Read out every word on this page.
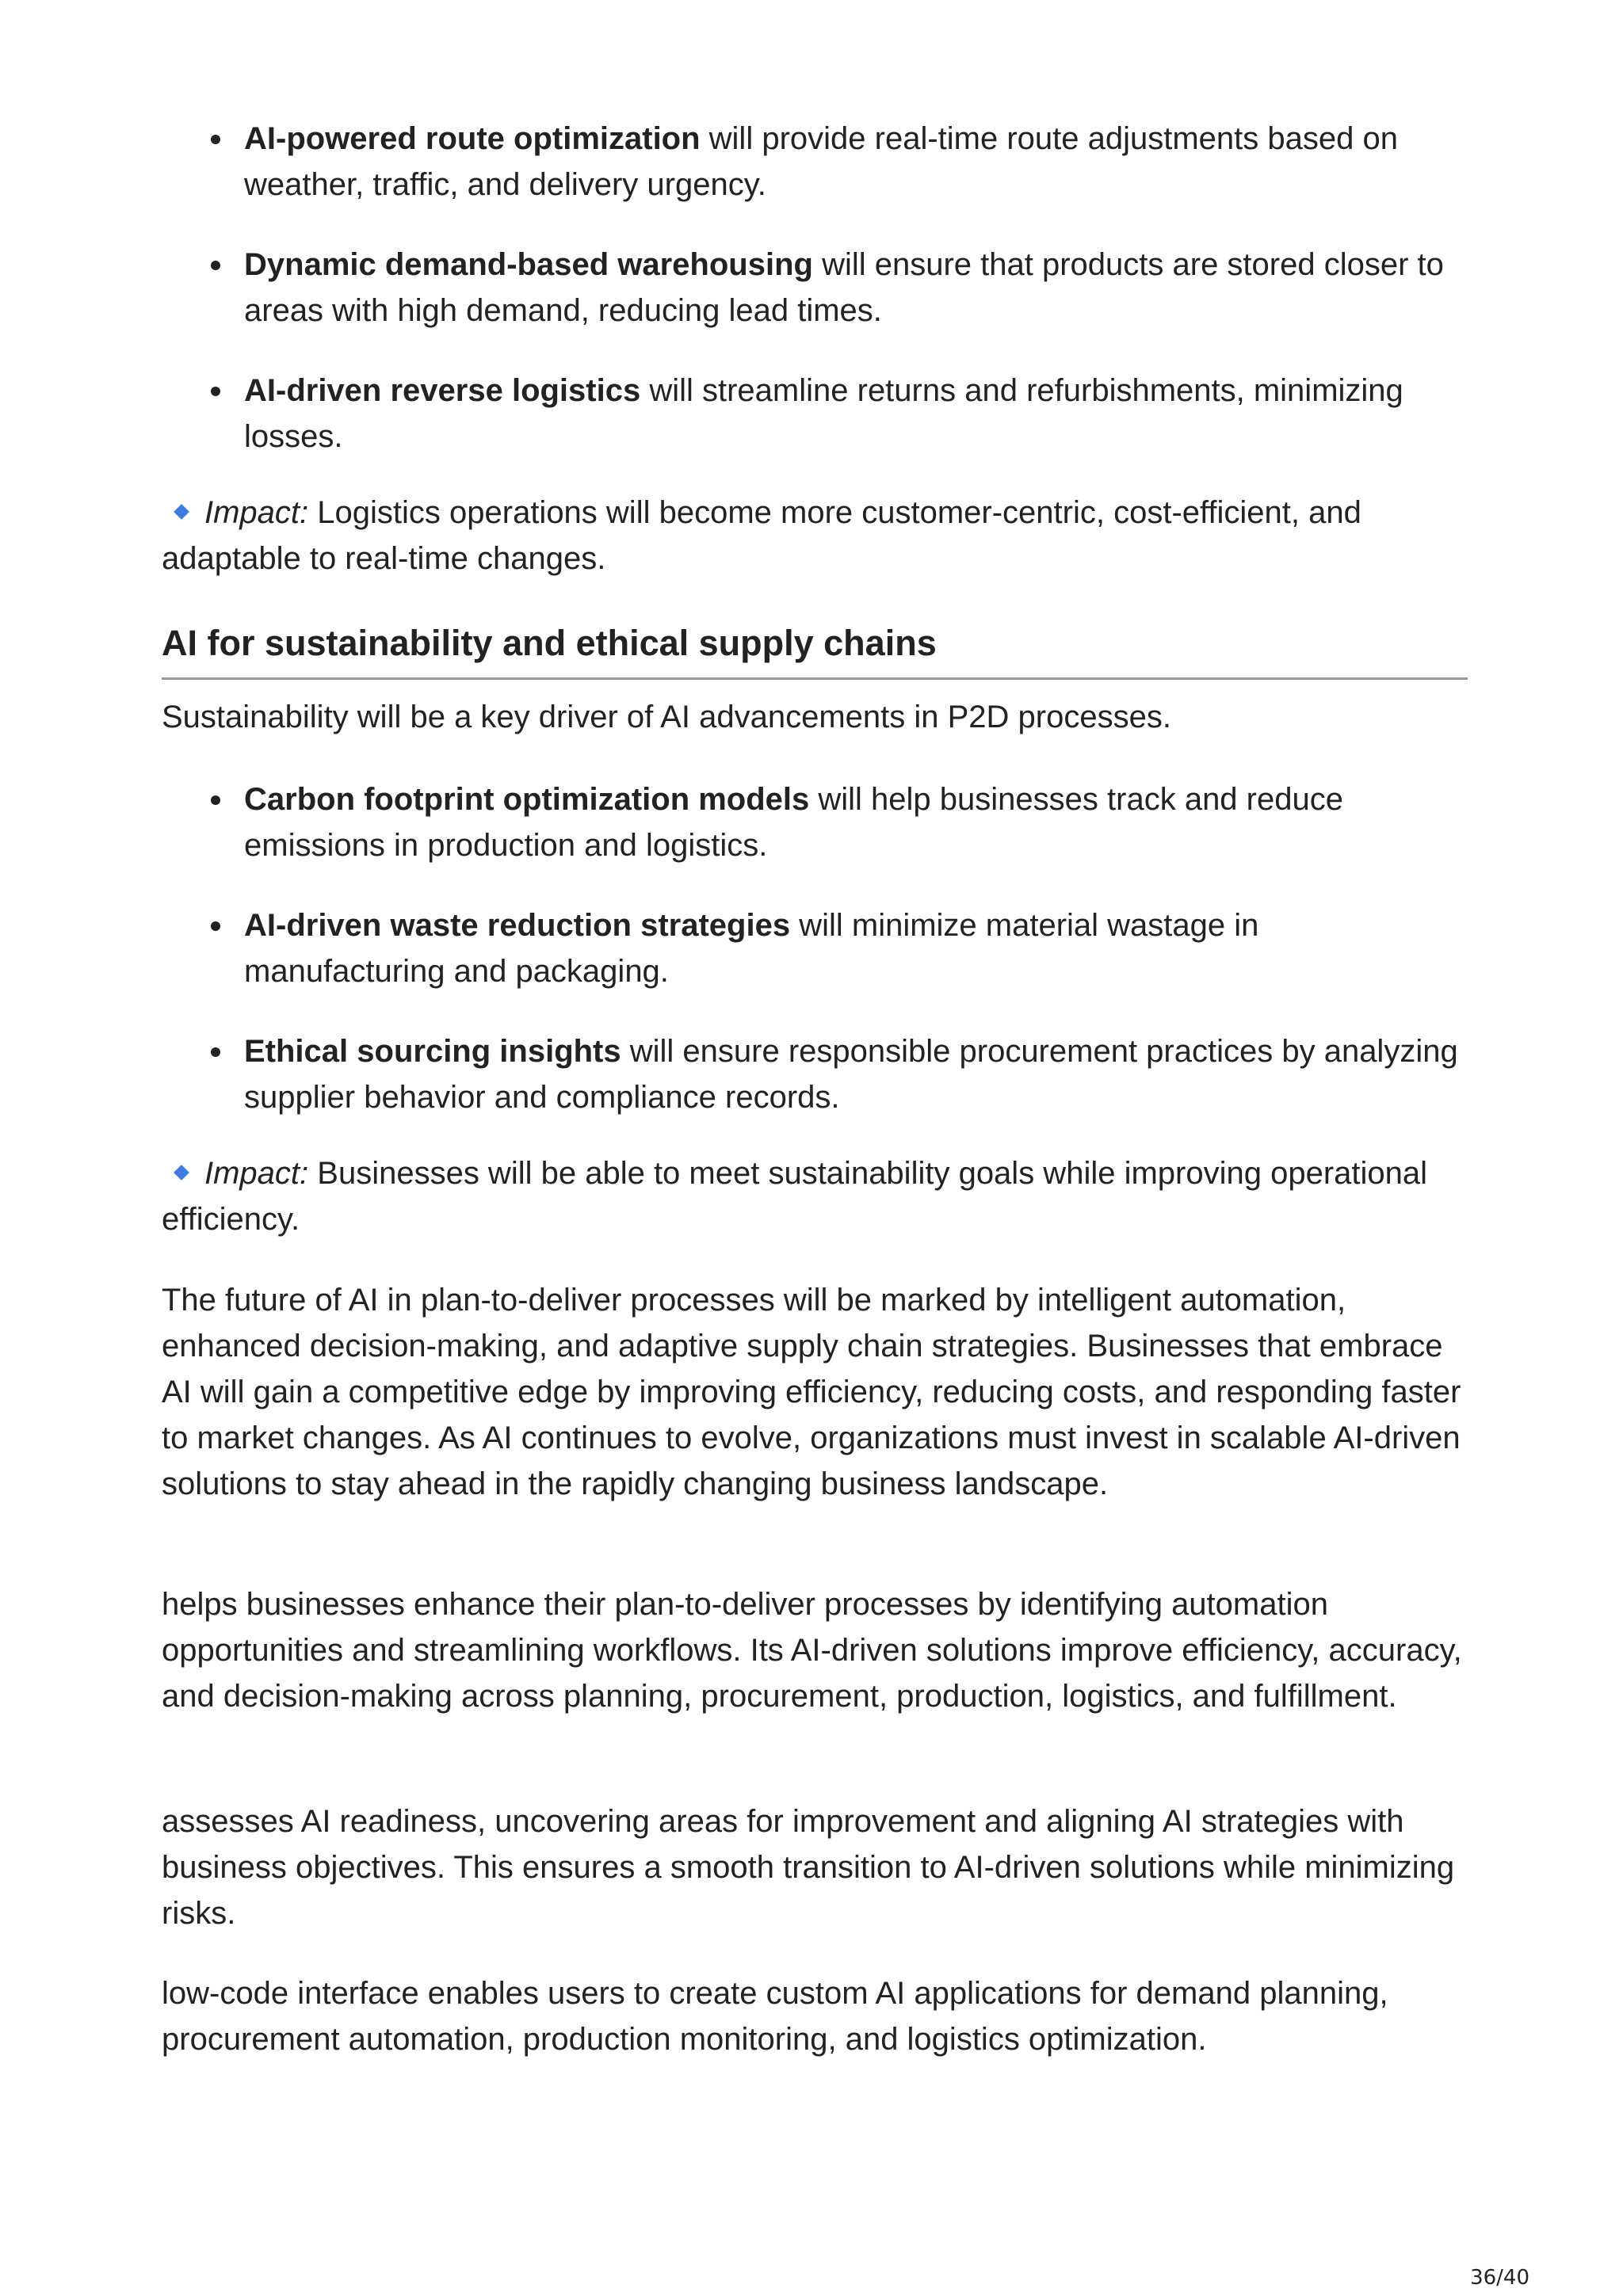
AI-powered route optimization will provide real-time route adjustments based on weather, traffic, and delivery urgency.
Dynamic demand-based warehousing will ensure that products are stored closer to areas with high demand, reducing lead times.
AI-driven reverse logistics will streamline returns and refurbishments, minimizing losses.

Impact: Logistics operations will become more customer-centric, cost-efficient, and adaptable to real-time changes.

AI for sustainability and ethical supply chains

Sustainability will be a key driver of AI advancements in P2D processes.

Carbon footprint optimization models will help businesses track and reduce emissions in production and logistics.
AI-driven waste reduction strategies will minimize material wastage in manufacturing and packaging.
Ethical sourcing insights will ensure responsible procurement practices by analyzing supplier behavior and compliance records.

Impact: Businesses will be able to meet sustainability goals while improving operational efficiency.

The future of AI in plan-to-deliver processes will be marked by intelligent automation, enhanced decision-making, and adaptive supply chain strategies. Businesses that embrace AI will gain a competitive edge by improving efficiency, reducing costs, and responding faster to market changes. As AI continues to evolve, organizations must invest in scalable AI-driven solutions to stay ahead in the rapidly changing business landscape.

helps businesses enhance their plan-to-deliver processes by identifying automation opportunities and streamlining workflows. Its AI-driven solutions improve efficiency, accuracy, and decision-making across planning, procurement, production, logistics, and fulfillment.

assesses AI readiness, uncovering areas for improvement and aligning AI strategies with business objectives. This ensures a smooth transition to AI-driven solutions while minimizing risks.

low-code interface enables users to create custom AI applications for demand planning, procurement automation, production monitoring, and logistics optimization.

36/40
